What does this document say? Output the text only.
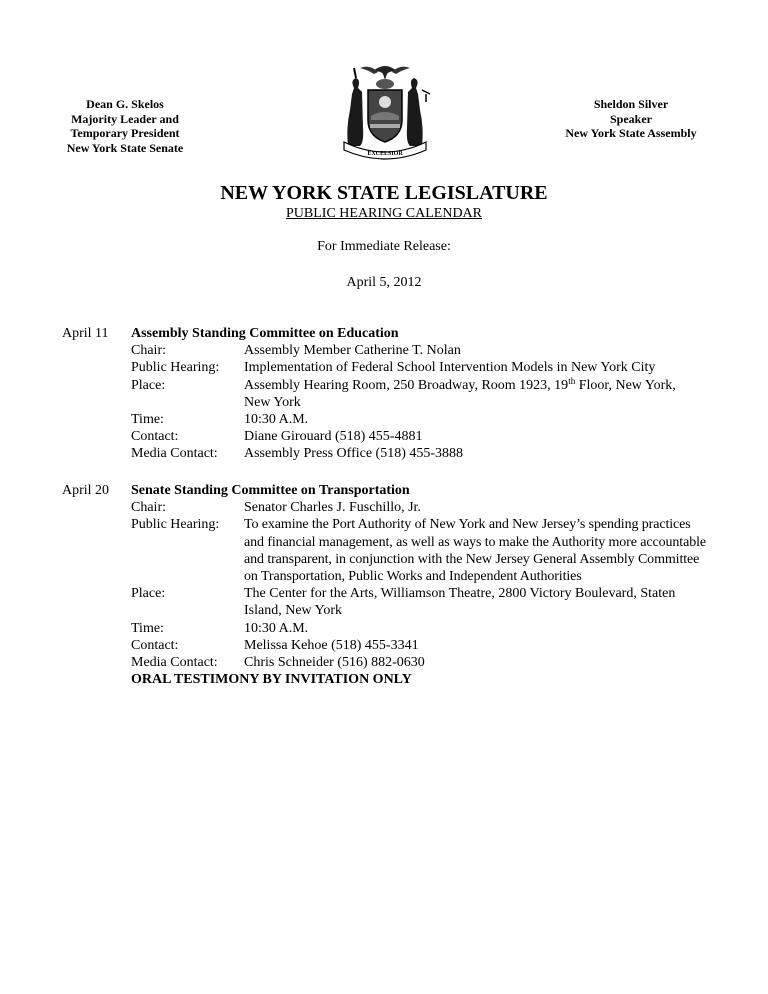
Dean G. Skelos
Majority Leader and
Temporary President
New York State Senate	EXCELSIOR
Sheldon Silver
Speaker
New York State Assembly
NEW YORK STATE LEGISLATURE
PUBLIC HEARING CALENDAR
For Immediate Release:
April 5, 2012
April 11 Assembly Standing Committee on Education
Chair:	Assembly Member Catherine T. Nolan
Public Hearing:	Implementation of Federal School Intervention Models in New York City
Place:	Assembly Hearing Room, 250 Broadway, Room 1923, 19th Floor, New York, New York
Time:	10:30 A.M.
Contact:	Diane Girouard (518) 455-4881
Media Contact:	Assembly Press Office (518) 455-3888
April 20 Senate Standing Committee on Transportation
Chair:	Senator Charles J. Fuschillo, Jr.
Public Hearing:	To examine the Port Authority of New York and New Jersey’s spending practices and financial management, as well as ways to make the Authority more accountable and transparent, in conjunction with the New Jersey General Assembly Committee on Transportation, Public Works and Independent Authorities
Place:	The Center for the Arts, Williamson Theatre, 2800 Victory Boulevard, Staten Island, New York
Time:	10:30 A.M.
Contact:	Melissa Kehoe (518) 455-3341
Media Contact:	Chris Schneider (516) 882-0630
ORAL TESTIMONY BY INVITATION ONLY
